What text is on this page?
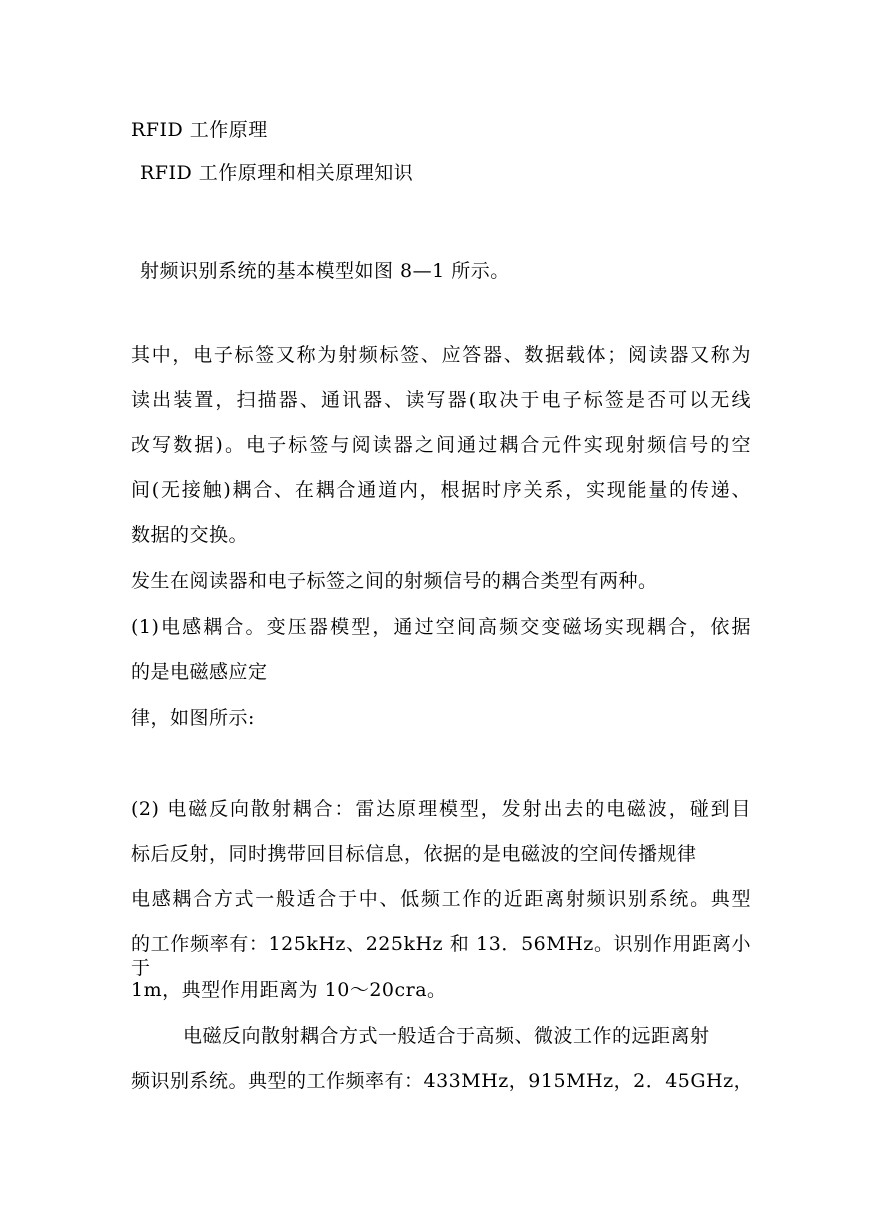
RFID 工作原理
RFID 工作原理和相关原理知识
射频识别系统的基本模型如图 8—1 所示。
其中，电子标签又称为射频标签、应答器、数据载体；阅读器又称为
读出装置，扫描器、通讯器、读写器(取决于电子标签是否可以无线
改写数据)。电子标签与阅读器之间通过耦合元件实现射频信号的空
间(无接触)耦合、在耦合通道内，根据时序关系，实现能量的传递、
数据的交换。
发生在阅读器和电子标签之间的射频信号的耦合类型有两种。
(1)电感耦合。变压器模型，通过空间高频交变磁场实现耦合，依据
的是电磁感应定
律，如图所示:
(2) 电磁反向散射耦合：雷达原理模型，发射出去的电磁波，碰到目
标后反射，同时携带回目标信息，依据的是电磁波的空间传播规律
电感耦合方式一般适合于中、低频工作的近距离射频识别系统。典型
的工作频率有：125kHz、225kHz 和 13．56MHz。识别作用距离小于
1m，典型作用距离为 10～20cra。
电磁反向散射耦合方式一般适合于高频、微波工作的远距离射
频识别系统。典型的工作频率有：433MHz，915MHz，2．45GHz，
